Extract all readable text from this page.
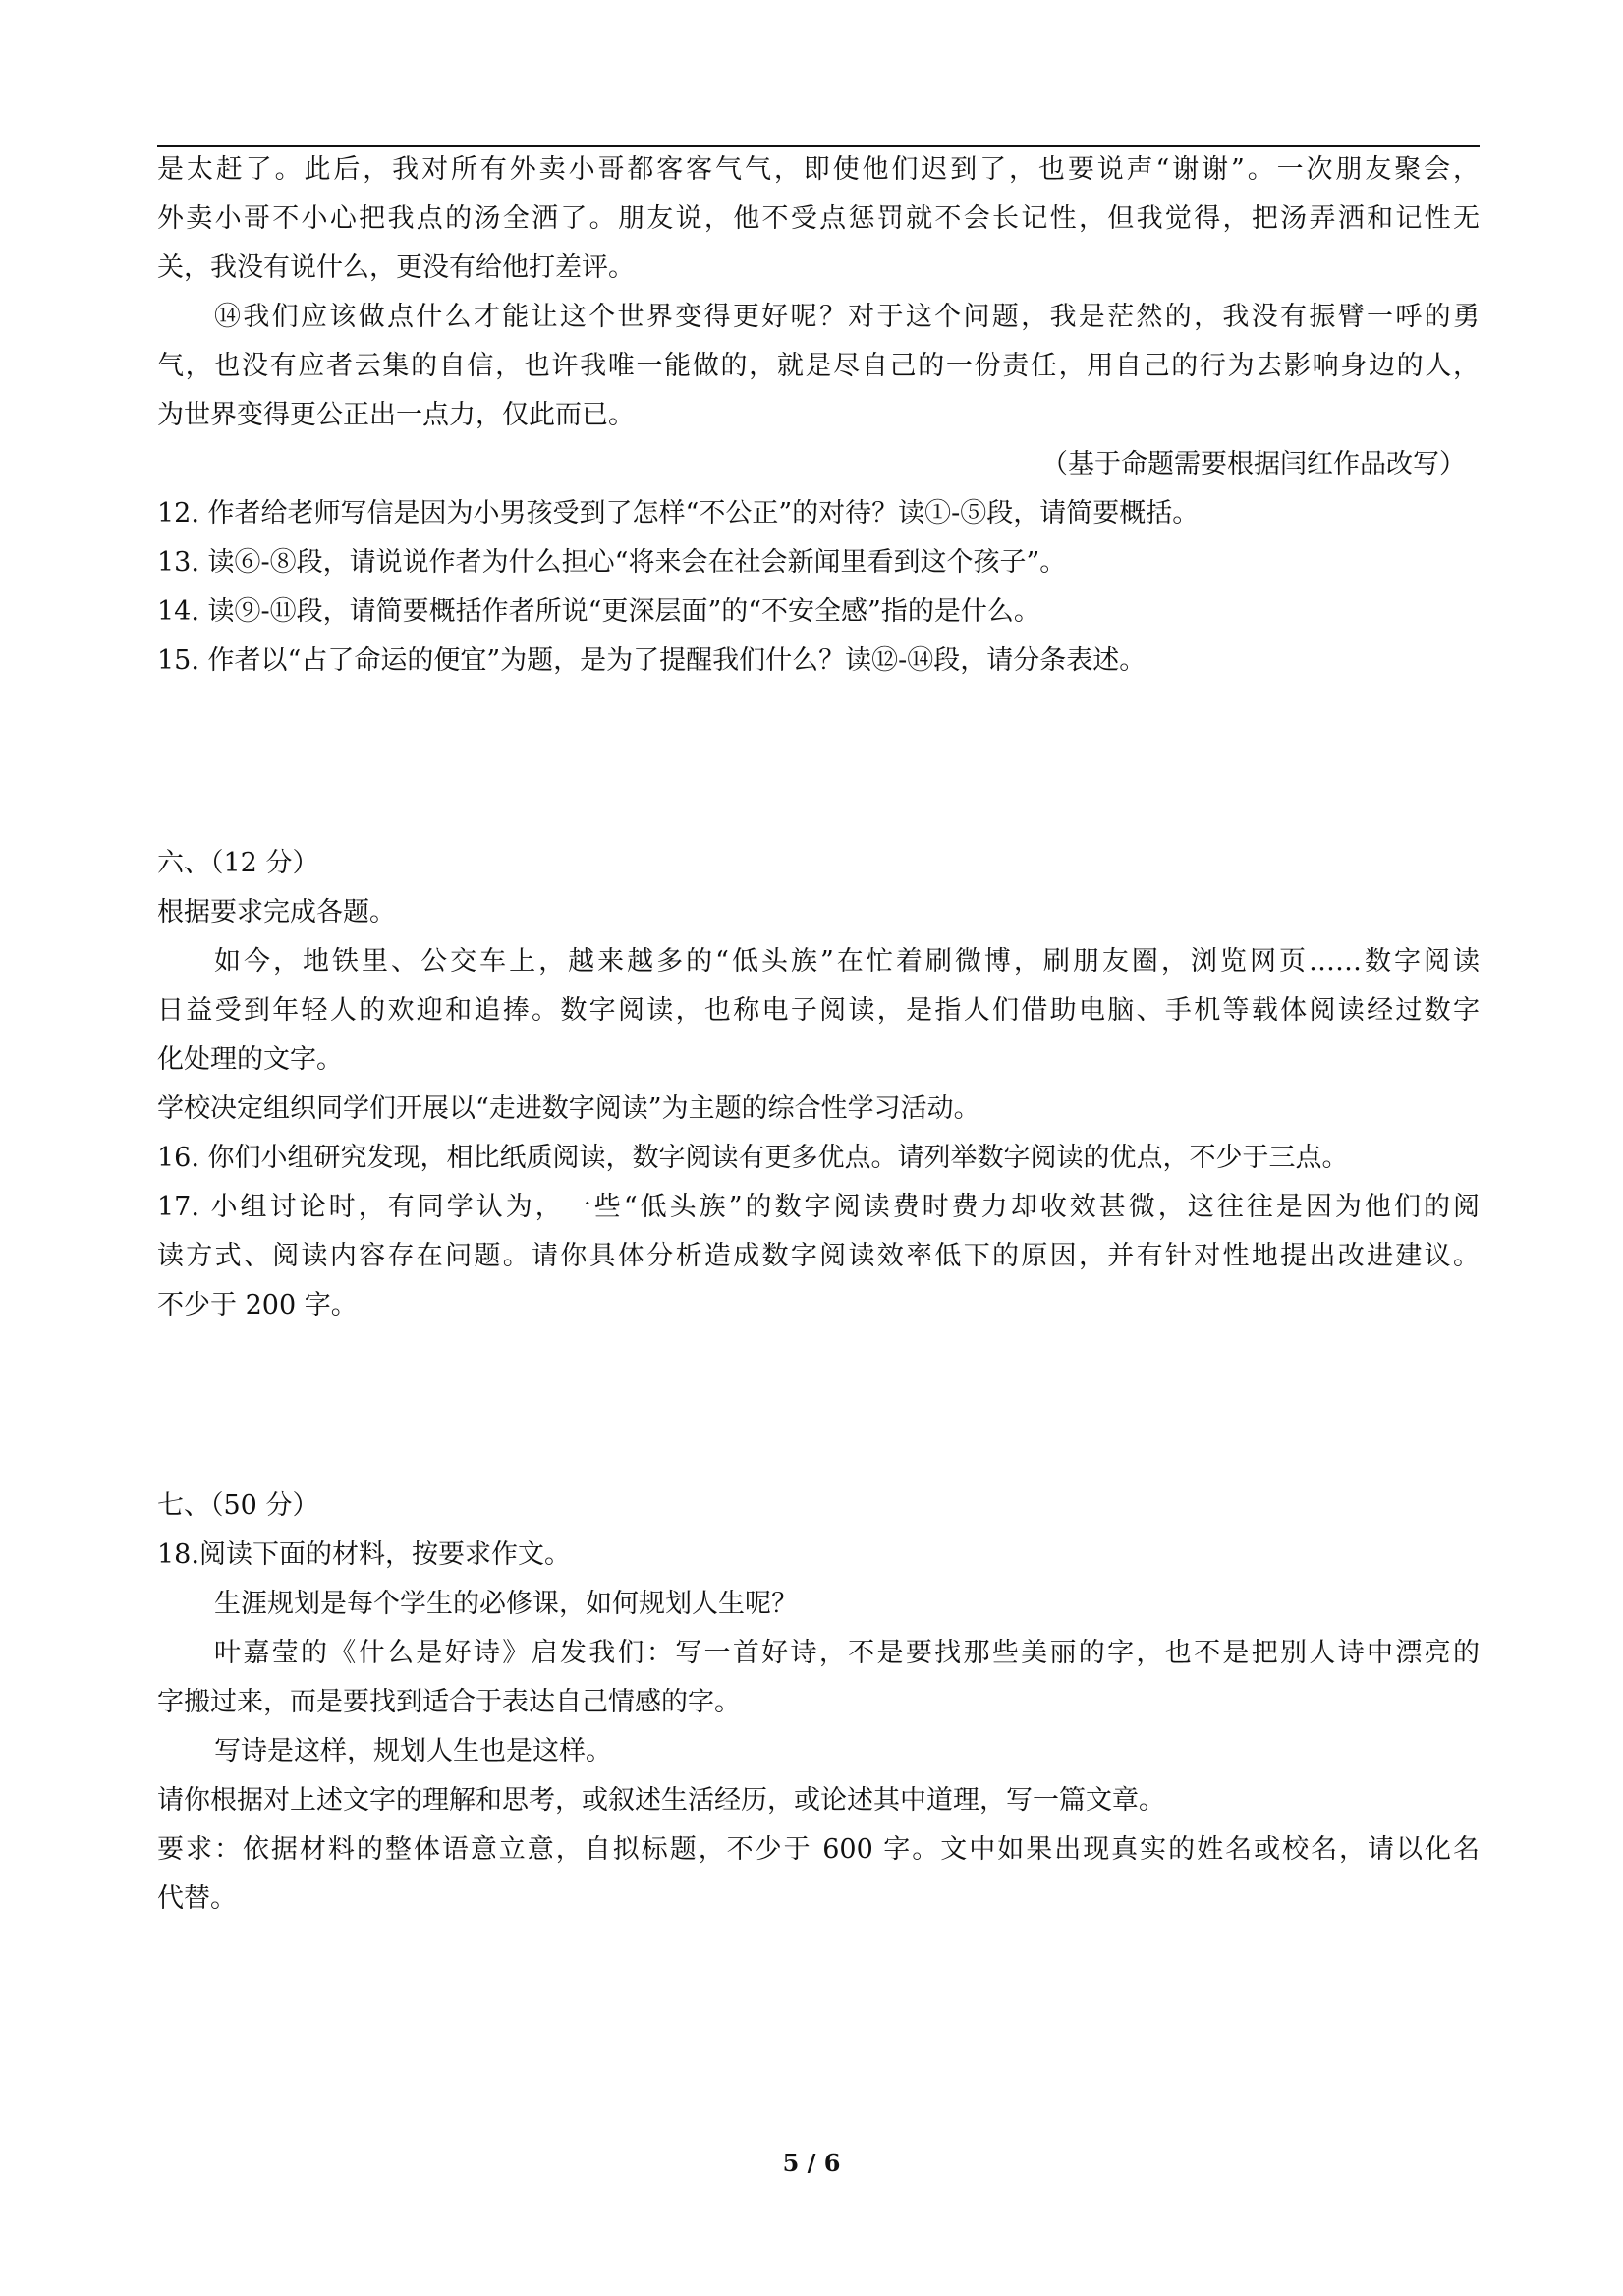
是太赶了。此后，我对所有外卖小哥都客客气气，即使他们迟到了，也要说声“谢谢”。一次朋友聚会，

外卖小哥不小心把我点的汤全洒了。朋友说，他不受点惩罚就不会长记性，但我觉得，把汤弄洒和记性无

关，我没有说什么，更没有给他打差评。

⑭我们应该做点什么才能让这个世界变得更好呢？对于这个问题，我是茫然的，我没有振臂一呼的勇

气，也没有应者云集的自信，也许我唯一能做的，就是尽自己的一份责任，用自己的行为去影响身边的人，

为世界变得更公正出一点力，仅此而已。

（基于命题需要根据闫红作品改写）

12. 作者给老师写信是因为小男孩受到了怎样“不公正”的对待？读①-⑤段，请简要概括。

13. 读⑥-⑧段，请说说作者为什么担心“将来会在社会新闻里看到这个孩子”。

14. 读⑨-⑪段，请简要概括作者所说“更深层面”的“不安全感”指的是什么。

15. 作者以“占了命运的便宜”为题，是为了提醒我们什么？读⑫-⑭段，请分条表述。

六、（12 分）

根据要求完成各题。

如今，地铁里、公交车上，越来越多的“低头族”在忙着刷微博，刷朋友圈，浏览网页……数字阅读

日益受到年轻人的欢迎和追捧。数字阅读，也称电子阅读，是指人们借助电脑、手机等载体阅读经过数字

化处理的文字。

学校决定组织同学们开展以“走进数字阅读”为主题的综合性学习活动。

16. 你们小组研究发现，相比纸质阅读，数字阅读有更多优点。请列举数字阅读的优点，不少于三点。

17. 小组讨论时，有同学认为，一些“低头族”的数字阅读费时费力却收效甚微，这往往是因为他们的阅

读方式、阅读内容存在问题。请你具体分析造成数字阅读效率低下的原因，并有针对性地提出改进建议。

不少于 200 字。

七、（50 分）

18.阅读下面的材料，按要求作文。

生涯规划是每个学生的必修课，如何规划人生呢？

叶嘉莹的《什么是好诗》启发我们：写一首好诗，不是要找那些美丽的字，也不是把别人诗中漂亮的

字搬过来，而是要找到适合于表达自己情感的字。

写诗是这样，规划人生也是这样。

请你根据对上述文字的理解和思考，或叙述生活经历，或论述其中道理，写一篇文章。

要求：依据材料的整体语意立意，自拟标题，不少于 600 字。文中如果出现真实的姓名或校名，请以化名

代替。

5 / 6
